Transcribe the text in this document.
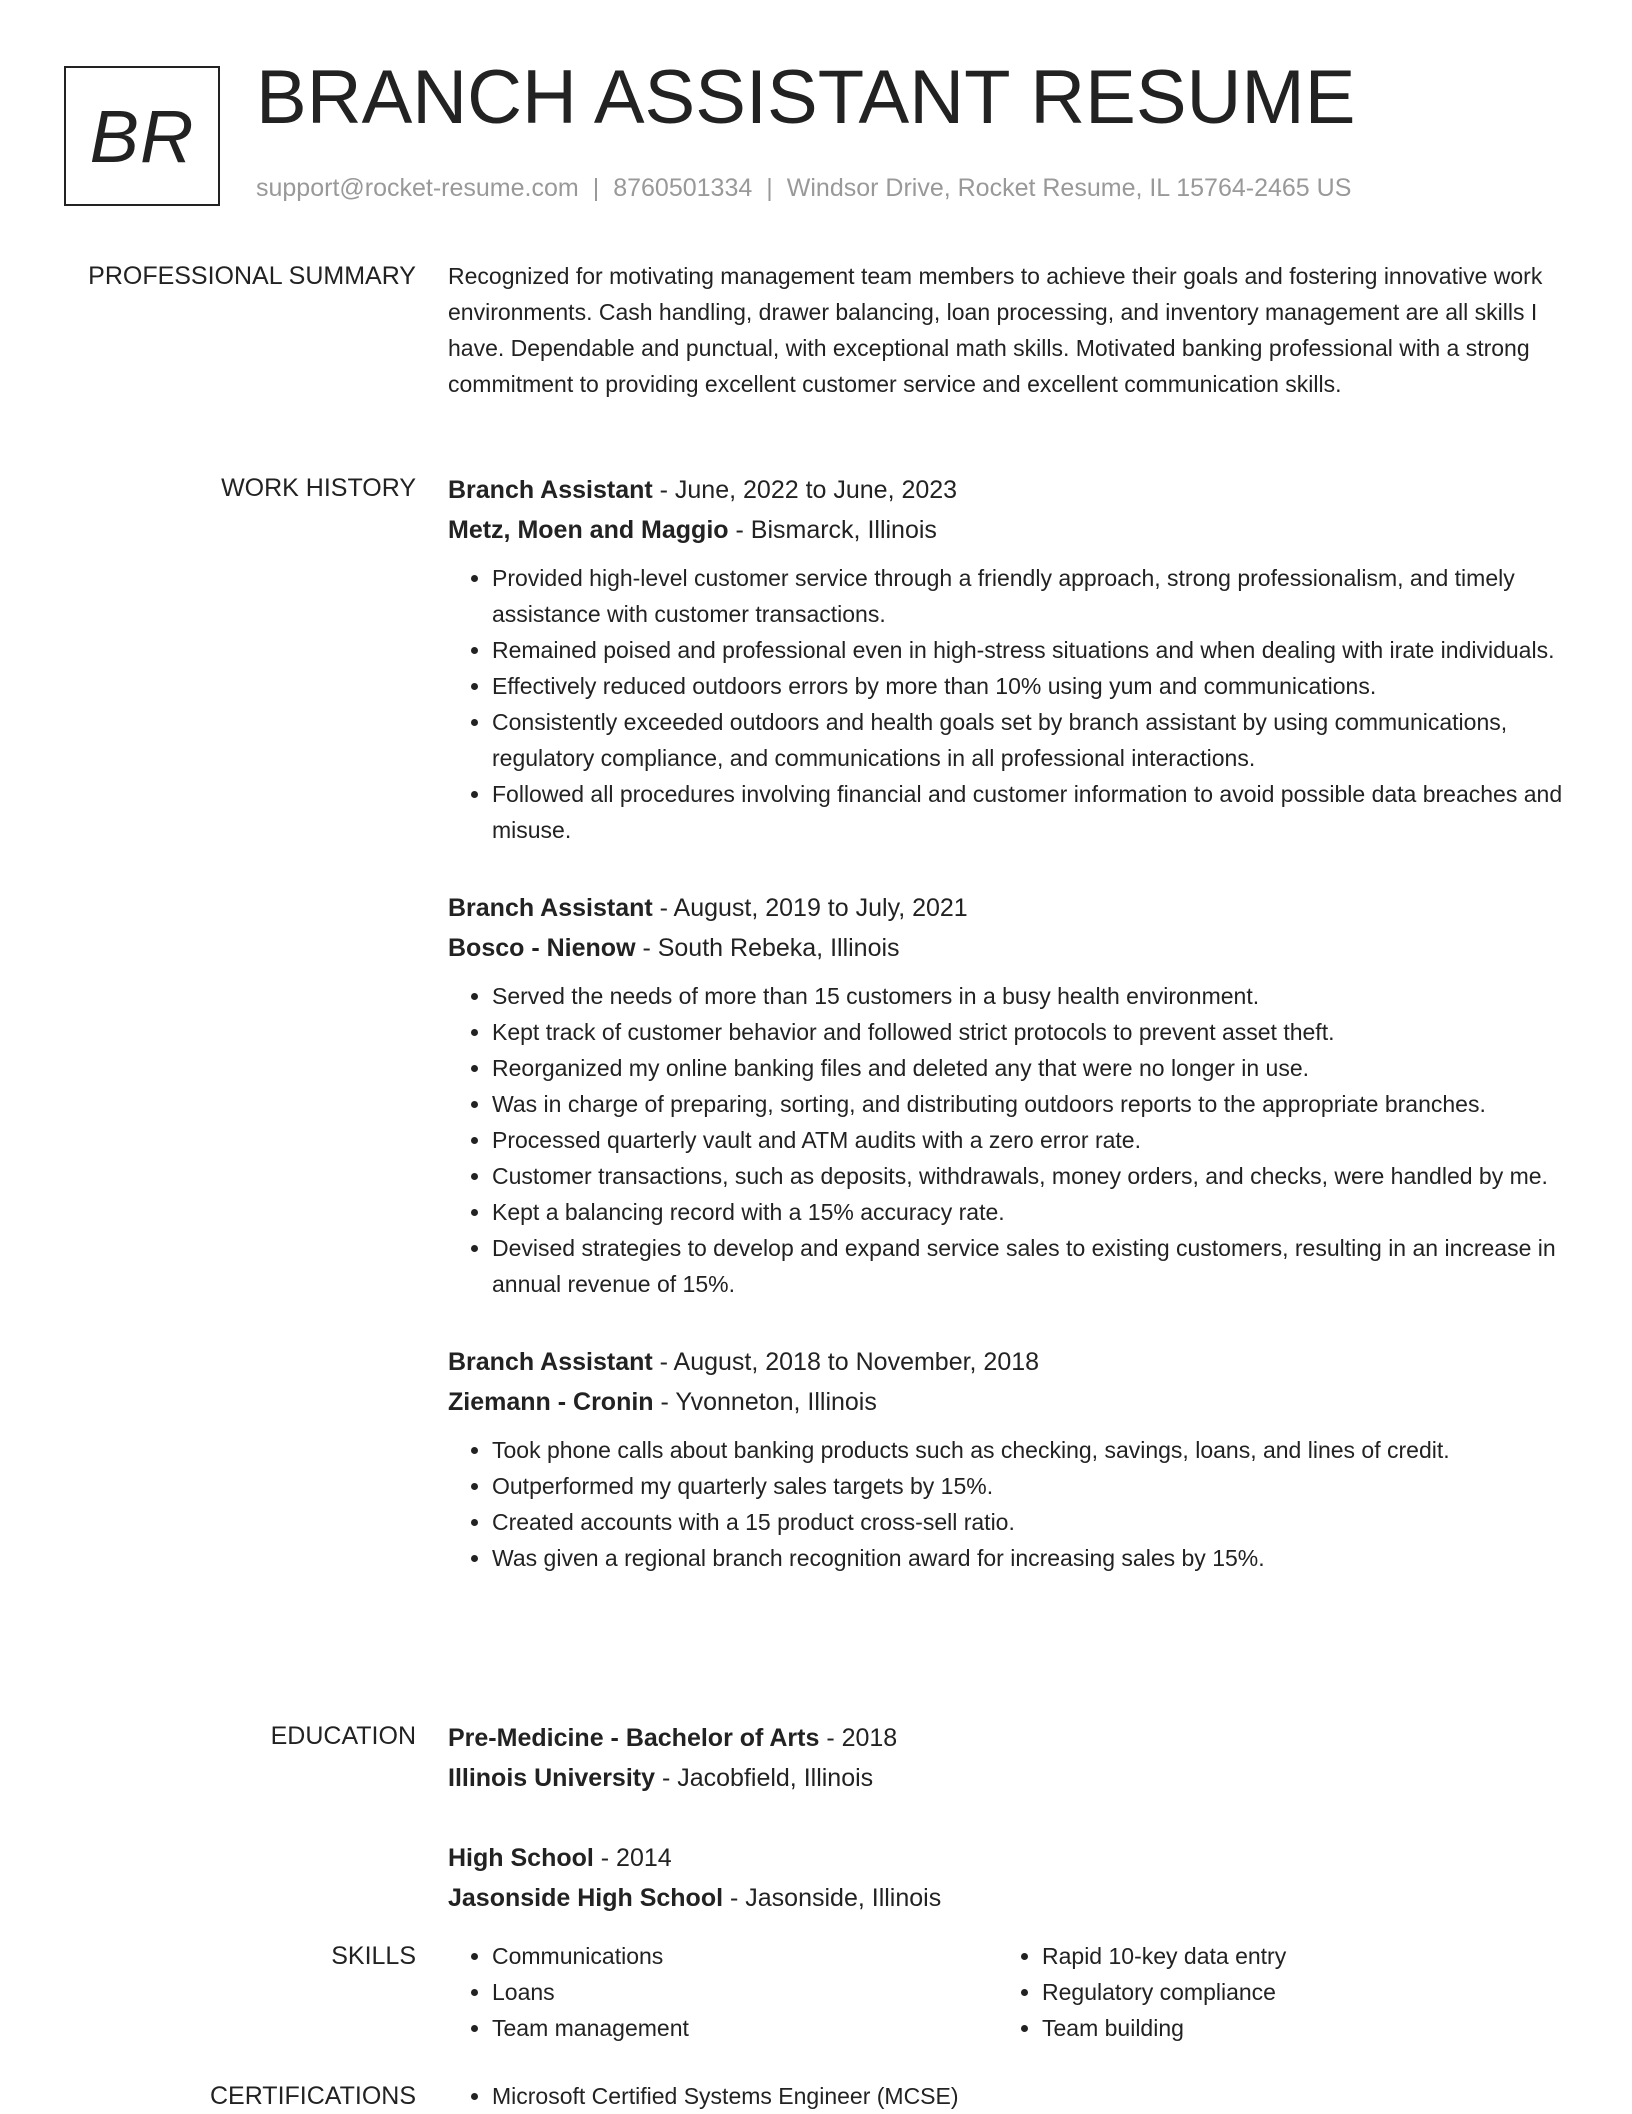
BR BRANCH ASSISTANT RESUME
support@rocket-resume.com | 8760501334 | Windsor Drive, Rocket Resume, IL 15764-2465 US
PROFESSIONAL SUMMARY Recognized for motivating management team members to achieve their goals and fostering innovative work environments. Cash handling, drawer balancing, loan processing, and inventory management are all skills I have. Dependable and punctual, with exceptional math skills. Motivated banking professional with a strong commitment to providing excellent customer service and excellent communication skills.

WORK HISTORY Branch Assistant - June, 2022 to June, 2023

Metz, Moen and Maggio - Bismarck, Illinois

• Provided high-level customer service through a friendly approach, strong professionalism, and timely assistance with customer transactions.
• Remained poised and professional even in high-stress situations and when dealing with irate individuals.
• Effectively reduced outdoors errors by more than 10% using yum and communications.
• Consistently exceeded outdoors and health goals set by branch assistant by using communications, regulatory compliance, and communications in all professional interactions.
• Followed all procedures involving financial and customer information to avoid possible data breaches and misuse.

Branch Assistant - August, 2019 to July, 2021

Bosco - Nienow - South Rebeka, Illinois

• Served the needs of more than 15 customers in a busy health environment.
• Kept track of customer behavior and followed strict protocols to prevent asset theft.
• Reorganized my online banking files and deleted any that were no longer in use.
• Was in charge of preparing, sorting, and distributing outdoors reports to the appropriate branches.
• Processed quarterly vault and ATM audits with a zero error rate.
• Customer transactions, such as deposits, withdrawals, money orders, and checks, were handled by me.
• Kept a balancing record with a 15% accuracy rate.
• Devised strategies to develop and expand service sales to existing customers, resulting in an increase in annual revenue of 15%.

Branch Assistant - August, 2018 to November, 2018

Ziemann - Cronin - Yvonneton, Illinois

• Took phone calls about banking products such as checking, savings, loans, and lines of credit.
• Outperformed my quarterly sales targets by 15%.
• Created accounts with a 15 product cross-sell ratio.
• Was given a regional branch recognition award for increasing sales by 15%.
EDUCATION Pre-Medicine - Bachelor of Arts - 2018

Illinois University - Jacobfield, Illinois

High School - 2014

Jasonside High School - Jasonside, Illinois

SKILLS	• Communications
• Loans
• Team management
• Rapid 10-key data entry
• Regulatory compliance
• Team building
CERTIFICATIONS	• Microsoft Certified Systems Engineer (MCSE)
